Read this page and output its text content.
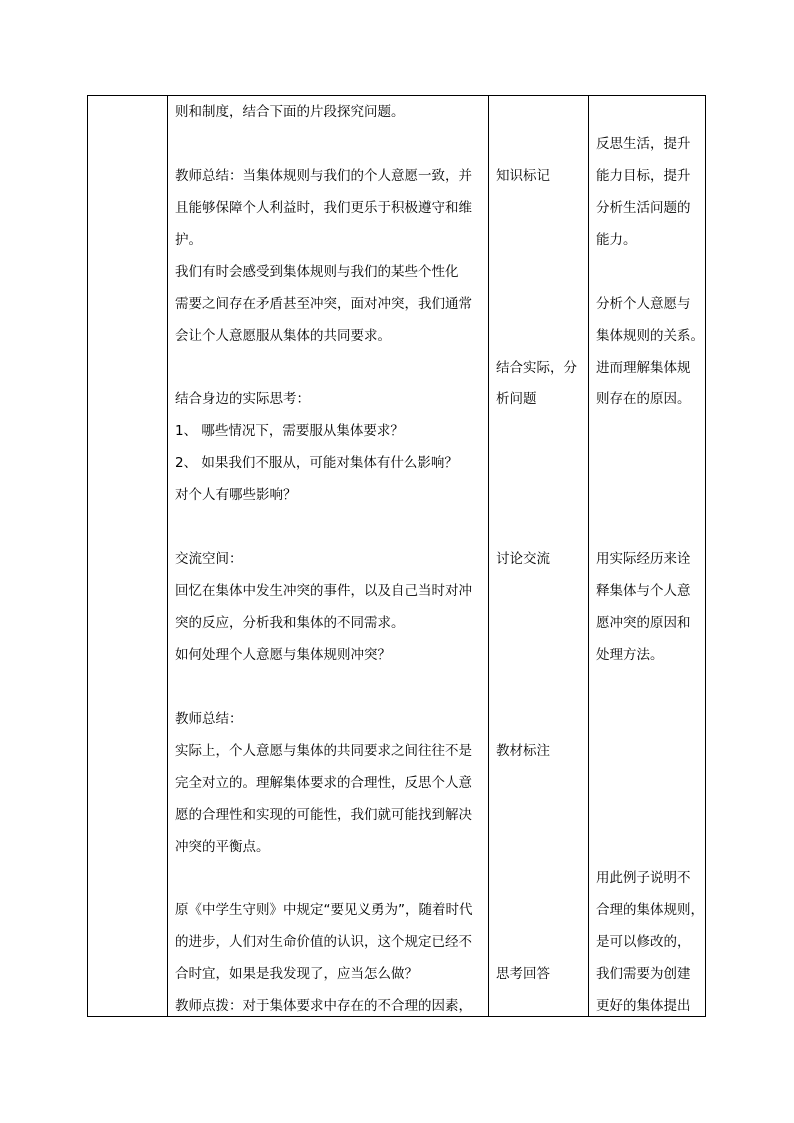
则和制度，结合下面的片段探究问题。
教师总结：当集体规则与我们的个人意愿一致，并
且能够保障个人利益时，我们更乐于积极遵守和维
护。
我们有时会感受到集体规则与我们的某些个性化
需要之间存在矛盾甚至冲突，面对冲突，我们通常
会让个人意愿服从集体的共同要求。
结合身边的实际思考：
1、 哪些情况下，需要服从集体要求？
2、 如果我们不服从，可能对集体有什么影响？
对个人有哪些影响？
交流空间：
回忆在集体中发生冲突的事件，以及自己当时对冲
突的反应，分析我和集体的不同需求。
如何处理个人意愿与集体规则冲突？
教师总结：
实际上，个人意愿与集体的共同要求之间往往不是
完全对立的。理解集体要求的合理性，反思个人意
愿的合理性和实现的可能性，我们就可能找到解决
冲突的平衡点。
原《中学生守则》中规定“要见义勇为”，随着时代
的进步，人们对生命价值的认识，这个规定已经不
合时宜，如果是我发现了，应当怎么做？
教师点拨：对于集体要求中存在的不合理的因素，
知识标记
结合实际，分
析问题
讨论交流
教材标注
思考回答
反思生活，提升
能力目标，提升
分析生活问题的
能力。
分析个人意愿与
集体规则的关系。
进而理解集体规
则存在的原因。
用实际经历来诠
释集体与个人意
愿冲突的原因和
处理方法。
用此例子说明不
合理的集体规则，
是可以修改的，
我们需要为创建
更好的集体提出
